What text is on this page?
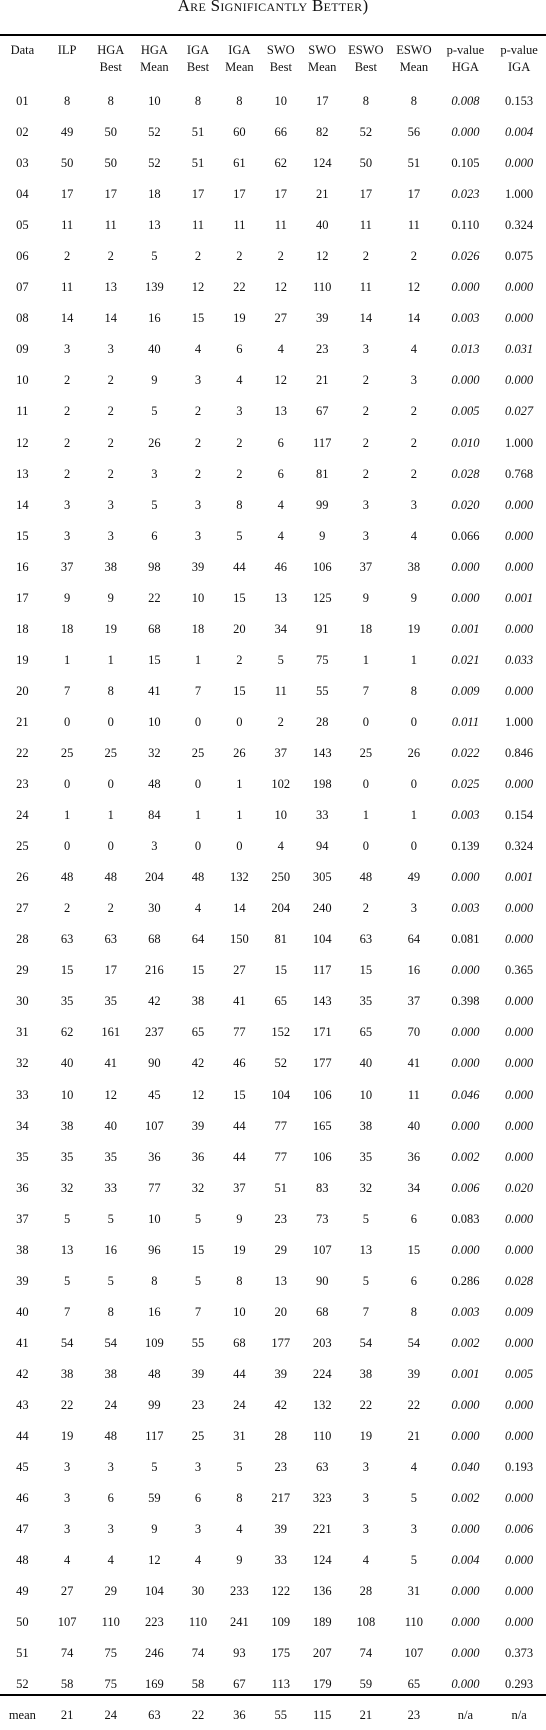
Are Significantly Better)
Data	ILP	HGA	HGA	IGA	IGA	SWO	SWO	ESWO	ESWO	p-value	p-value
		Best	Mean	Best	Mean	Best	Mean	Best	Mean	HGA	IGA
01	8	8	10	8	8	10	17	8	8	0.008	0.153
02	49	50	52	51	60	66	82	52	56	0.000	0.004
03	50	50	52	51	61	62	124	50	51	0.105	0.000
04	17	17	18	17	17	17	21	17	17	0.023	1.000
05	11	11	13	11	11	11	40	11	11	0.110	0.324
06	2	2	5	2	2	2	12	2	2	0.026	0.075
07	11	13	139	12	22	12	110	11	12	0.000	0.000
08	14	14	16	15	19	27	39	14	14	0.003	0.000
09	3	3	40	4	6	4	23	3	4	0.013	0.031
10	2	2	9	3	4	12	21	2	3	0.000	0.000
11	2	2	5	2	3	13	67	2	2	0.005	0.027
12	2	2	26	2	2	6	117	2	2	0.010	1.000
13	2	2	3	2	2	6	81	2	2	0.028	0.768
14	3	3	5	3	8	4	99	3	3	0.020	0.000
15	3	3	6	3	5	4	9	3	4	0.066	0.000
16	37	38	98	39	44	46	106	37	38	0.000	0.000
17	9	9	22	10	15	13	125	9	9	0.000	0.001
18	18	19	68	18	20	34	91	18	19	0.001	0.000
19	1	1	15	1	2	5	75	1	1	0.021	0.033
20	7	8	41	7	15	11	55	7	8	0.009	0.000
21	0	0	10	0	0	2	28	0	0	0.011	1.000
22	25	25	32	25	26	37	143	25	26	0.022	0.846
23	0	0	48	0	1	102	198	0	0	0.025	0.000
24	1	1	84	1	1	10	33	1	1	0.003	0.154
25	0	0	3	0	0	4	94	0	0	0.139	0.324
26	48	48	204	48	132	250	305	48	49	0.000	0.001
27	2	2	30	4	14	204	240	2	3	0.003	0.000
28	63	63	68	64	150	81	104	63	64	0.081	0.000
29	15	17	216	15	27	15	117	15	16	0.000	0.365
30	35	35	42	38	41	65	143	35	37	0.398	0.000
31	62	161	237	65	77	152	171	65	70	0.000	0.000
32	40	41	90	42	46	52	177	40	41	0.000	0.000
33	10	12	45	12	15	104	106	10	11	0.046	0.000
34	38	40	107	39	44	77	165	38	40	0.000	0.000
35	35	35	36	36	44	77	106	35	36	0.002	0.000
36	32	33	77	32	37	51	83	32	34	0.006	0.020
37	5	5	10	5	9	23	73	5	6	0.083	0.000
38	13	16	96	15	19	29	107	13	15	0.000	0.000
39	5	5	8	5	8	13	90	5	6	0.286	0.028
40	7	8	16	7	10	20	68	7	8	0.003	0.009
41	54	54	109	55	68	177	203	54	54	0.002	0.000
42	38	38	48	39	44	39	224	38	39	0.001	0.005
43	22	24	99	23	24	42	132	22	22	0.000	0.000
44	19	48	117	25	31	28	110	19	21	0.000	0.000
45	3	3	5	3	5	23	63	3	4	0.040	0.193
46	3	6	59	6	8	217	323	3	5	0.002	0.000
47	3	3	9	3	4	39	221	3	3	0.000	0.006
48	4	4	12	4	9	33	124	4	5	0.004	0.000
49	27	29	104	30	233	122	136	28	31	0.000	0.000
50	107	110	223	110	241	109	189	108	110	0.000	0.000
51	74	75	246	74	93	175	207	74	107	0.000	0.373
52	58	75	169	58	67	113	179	59	65	0.000	0.293
mean	21	24	63	22	36	55	115	21	23	n/a	n/a
